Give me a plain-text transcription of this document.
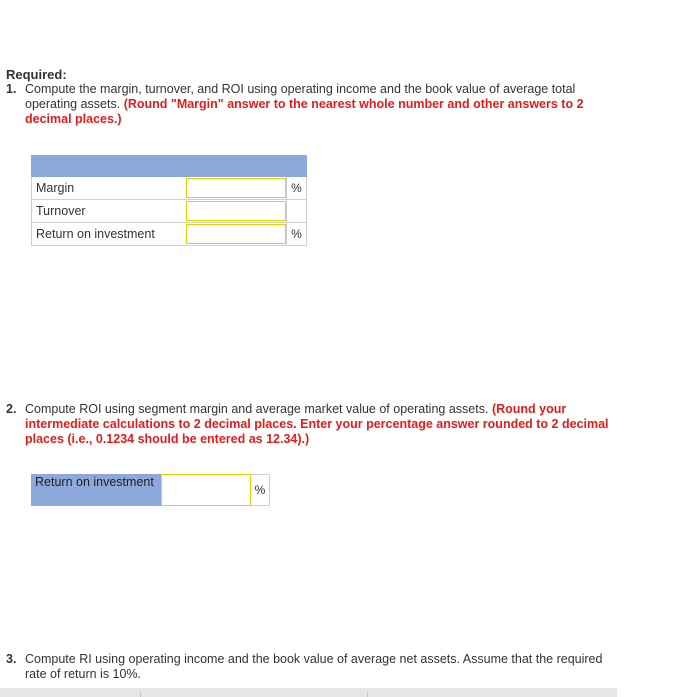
Required:
1. Compute the margin, turnover, and ROI using operating income and the book value of average total operating assets. (Round "Margin" answer to the nearest whole number and other answers to 2 decimal places.)
Margin	%
Turnover
Return on investment	%
2. Compute ROI using segment margin and average market value of operating assets. (Round your intermediate calculations to 2 decimal places. Enter your percentage answer rounded to 2 decimal places (i.e., 0.1234 should be entered as 12.34).)
Return on investment
%
3. Compute RI using operating income and the book value of average net assets. Assume that the required rate of return is 10%.
